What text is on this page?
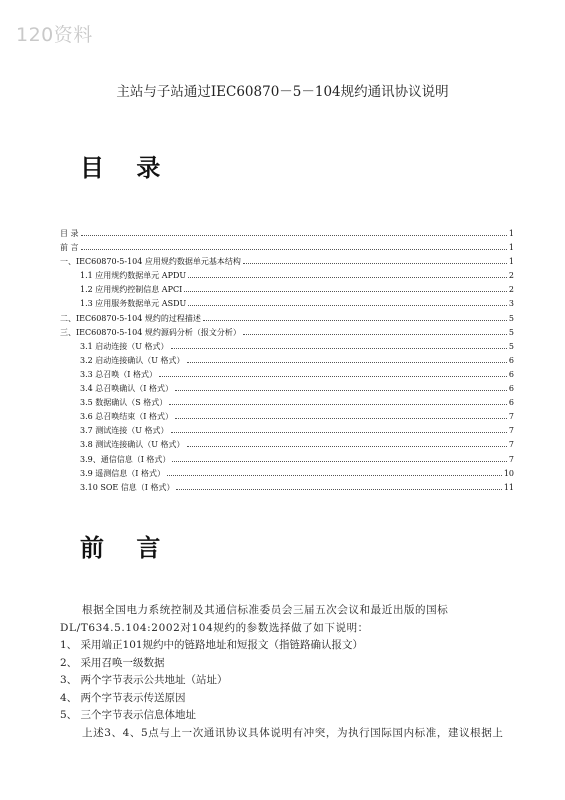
120资料
主站与子站通过IEC60870－5－104规约通讯协议说明
目 录
目 录	1
前 言	1
一、IEC60870-5-104 应用规约数据单元基本结构	1
1.1 应用规约数据单元 APDU	2
1.2 应用规约控制信息 APCI	2
1.3 应用服务数据单元 ASDU	3
二、IEC60870-5-104 规约的过程描述	5
三、IEC60870-5-104 规约源码分析（报文分析）	5
3.1 启动连接（U 格式）	5
3.2 启动连接确认（U 格式）	6
3.3 总召唤（I 格式）	6
3.4 总召唤确认（I 格式）	6
3.5 数据确认（S 格式）	6
3.6 总召唤结束（I 格式）	7
3.7 测试连接（U 格式）	7
3.8 测试连接确认（U 格式）	7
3.9、通信信息（I 格式）	7
3.9 遥测信息（I 格式）	10
3.10 SOE 信息（I 格式）	11
前 言

根据全国电力系统控制及其通信标准委员会三届五次会议和最近出版的国标DL/T634.5.104:2002对104规约的参数选择做了如下说明：

1、 采用端正101规约中的链路地址和短报文（指链路确认报文）

2、 采用召唤一级数据

3、 两个字节表示公共地址（站址）

4、 两个字节表示传送原因

5、 三个字节表示信息体地址

上述3、4、5点与上一次通讯协议具体说明有冲突，为执行国际国内标准，建议根据上
